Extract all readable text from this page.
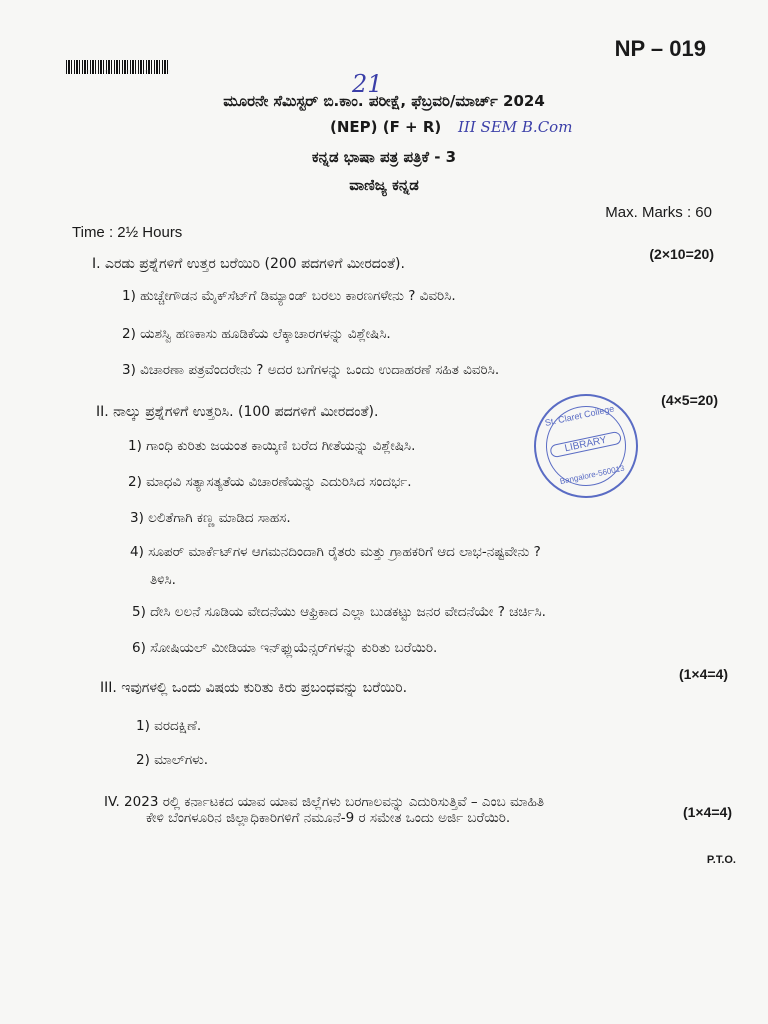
NP – 019
21
ಮೂರನೇ ಸೆಮಿಸ್ಟರ್ ಬಿ.ಕಾಂ. ಪರೀಕ್ಷೆ, ಫೆಬ್ರವರಿ/ಮಾರ್ಚ್ 2024
(NEP) (F + R) III SEM B.Com
ಕನ್ನಡ ಭಾಷಾ ಪತ್ರ ಪತ್ರಿಕೆ - 3
ವಾಣಿಜ್ಯ ಕನ್ನಡ
Max. Marks : 60
Time : 2½ Hours
St. Claret College
LIBRARY
Bangalore-560013
I. ಎರಡು ಪ್ರಶ್ನೆಗಳಿಗೆ ಉತ್ತರ ಬರೆಯಿರಿ (200 ಪದಗಳಿಗೆ ಮೀರದಂತೆ).
(2×10=20)
1) ಹುಚ್ಚೇಗೌಡನ ಮೈಕ್‌ಸೆಟ್‌ಗೆ ಡಿಮ್ಯಾಂಡ್ ಬರಲು ಕಾರಣಗಳೇನು ? ವಿವರಿಸಿ.
2) ಯಶಸ್ವಿ ಹಣಕಾಸು ಹೂಡಿಕೆಯ ಲೆಕ್ಕಾಚಾರಗಳನ್ನು ವಿಶ್ಲೇಷಿಸಿ.
3) ವಿಚಾರಣಾ ಪತ್ರವೆಂದರೇನು ? ಅದರ ಬಗೆಗಳನ್ನು ಒಂದು ಉದಾಹರಣೆ ಸಹಿತ ವಿವರಿಸಿ.
II. ನಾಲ್ಕು ಪ್ರಶ್ನೆಗಳಿಗೆ ಉತ್ತರಿಸಿ. (100 ಪದಗಳಿಗೆ ಮೀರದಂತೆ).
(4×5=20)
1) ಗಾಂಧಿ ಕುರಿತು ಜಯಂತ ಕಾಯ್ಕಿಣಿ ಬರೆದ ಗೀತೆಯನ್ನು ವಿಶ್ಲೇಷಿಸಿ.
2) ಮಾಧವಿ ಸತ್ಯಾಸತ್ಯತೆಯ ವಿಚಾರಣೆಯನ್ನು ಎದುರಿಸಿದ ಸಂದರ್ಭ.
3) ಲಲಿತೆಗಾಗಿ ಕಣ್ಣ ಮಾಡಿದ ಸಾಹಸ.
4) ಸೂಪರ್ ಮಾರ್ಕೆಟ್‌ಗಳ ಆಗಮನದಿಂದಾಗಿ ರೈತರು ಮತ್ತು ಗ್ರಾಹಕರಿಗೆ ಆದ ಲಾಭ-ನಷ್ಟವೇನು ?
ತಿಳಿಸಿ.
5) ದೇಸಿ ಲಲನೆ ಸೂಡಿಯ ವೇದನೆಯು ಆಫ್ರಿಕಾದ ಎಲ್ಲಾ ಬುಡಕಟ್ಟು ಜನರ ವೇದನೆಯೇ ? ಚರ್ಚಿಸಿ.
6) ಸೋಷಿಯಲ್ ಮೀಡಿಯಾ ಇನ್‌ಫ್ಲುಯೆನ್ಸರ್‌ಗಳನ್ನು ಕುರಿತು ಬರೆಯಿರಿ.
III. ಇವುಗಳಲ್ಲಿ ಒಂದು ವಿಷಯ ಕುರಿತು ಕಿರು ಪ್ರಬಂಧವನ್ನು ಬರೆಯಿರಿ.
(1×4=4)
1) ವರದಕ್ಷಿಣೆ.
2) ಮಾಲ್‌ಗಳು.
IV. 2023 ರಲ್ಲಿ ಕರ್ನಾಟಕದ ಯಾವ ಯಾವ ಜಿಲ್ಲೆಗಳು ಬರಗಾಲವನ್ನು ಎದುರಿಸುತ್ತಿವೆ – ಎಂಬ ಮಾಹಿತಿ
(1×4=4)
ಕೇಳಿ ಬೆಂಗಳೂರಿನ ಜಿಲ್ಲಾಧಿಕಾರಿಗಳಿಗೆ ನಮೂನೆ-9 ರ ಸಮೇತ ಒಂದು ಅರ್ಜಿ ಬರೆಯಿರಿ.
P.T.O.
